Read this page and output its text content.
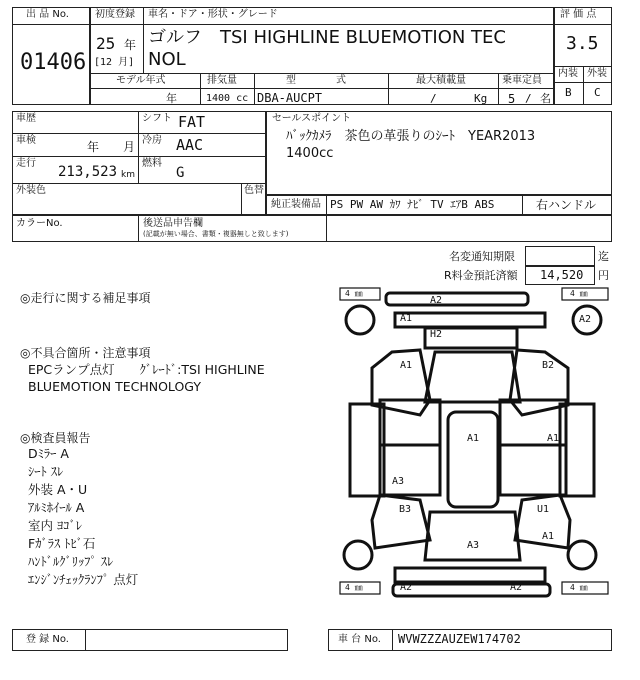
出 品 No.
01406
初度登録 車名・ドア・形状・グレード
25 年
[12 月]
ゴルフ　TSI HIGHLINE BLUEMOTION TEC
NOL
モデル年式	排気量	型　　　　式	最大積載量	乗車定員
年	1400 cc DBA-AUCPT	/	Kg 5 / 名
評 価 点
3.5
内装 外装
B C
車歴	シフト FAT
車検	年 月 冷房 AAC
走行
213,523 km
燃料
G
外装色	色替
セールスポイント
ﾊﾞｯｸｶﾒﾗ　茶色の革張りのｼｰﾄ　YEAR2013
1400cc
純正装備品 PS PW AW ｶﾜ ﾅﾋﾞ TV ｴｱB ABS	右ハンドル
カラーNo.	後送品申告欄
(記載が無い場合、書類・複器無しと致します)
名変通知期限	迄
R料金預託済額 14,520 円
◎走行に関する補足事項
◎不具合箇所・注意事項
EPCランプ点灯　　ｸﾞﾚｰﾄﾞ:TSI HIGHLINE
BLUEMOTION TECHNOLOGY
◎検査員報告
Dﾐﾗｰ A
ｼｰﾄ ｽﾚ
外装 A・U
ｱﾙﾐﾎｲｰﾙ A
室内 ﾖｺﾞﾚ
Fｶﾞﾗｽ ﾄﾋﾞ石
ﾊﾝﾄﾞﾙｸﾞﾘｯﾌﾟ ｽﾚ
ｴﾝｼﾞﾝﾁｪｯｸﾗﾝﾌﾟ 点灯
4 ㎜	4 ㎜
4 ㎜	4 ㎜
A2
A1
H2
A2
A1	B2
A1	A1
A3
B3	U1
A1
A3
A2	A2
登 録 No.	車 台 No. WVWZZZAUZEW174702
